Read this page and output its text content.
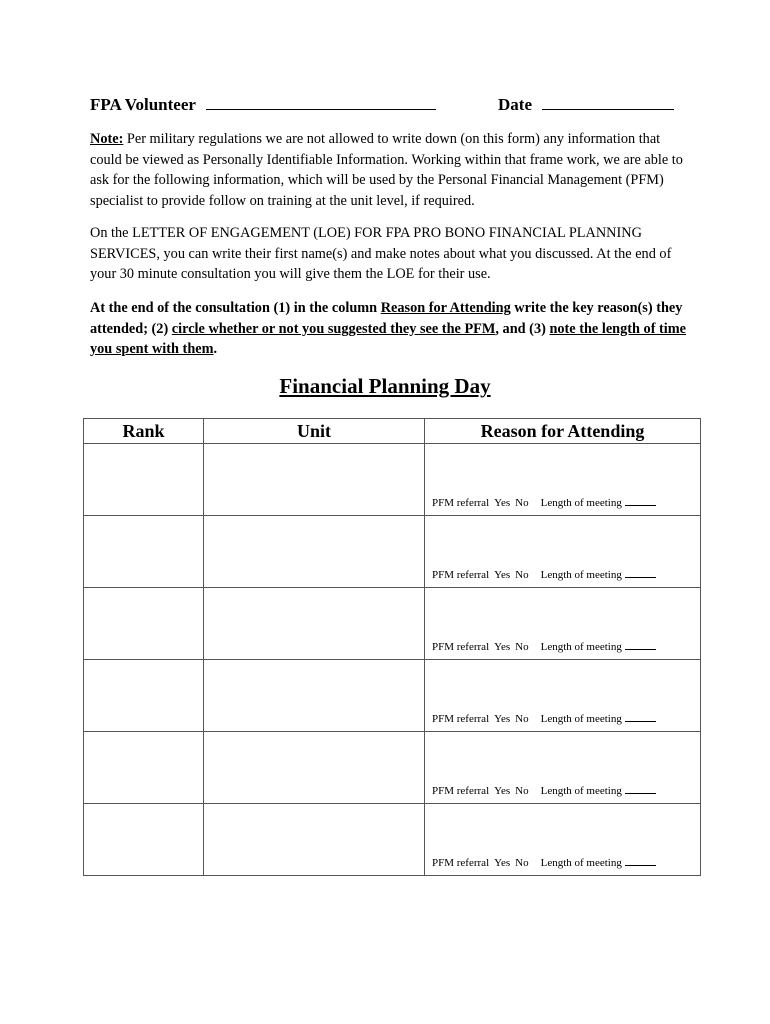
FPA Volunteer	Date
Note: Per military regulations we are not allowed to write down (on this form) any information that could be viewed as Personally Identifiable Information. Working within that frame work, we are able to ask for the following information, which will be used by the Personal Financial Management (PFM) specialist to provide follow on training at the unit level, if required.
On the LETTER OF ENGAGEMENT (LOE) FOR FPA PRO BONO FINANCIAL PLANNING SERVICES, you can write their first name(s) and make notes about what you discussed. At the end of your 30 minute consultation you will give them the LOE for their use.
At the end of the consultation (1) in the column Reason for Attending write the key reason(s) they attended; (2) circle whether or not you suggested they see the PFM, and (3) note the length of time you spent with them.
Financial Planning Day
Rank	Unit	Reason for Attending

		PFM referral Yes No Length of meeting

		PFM referral Yes No Length of meeting

		PFM referral Yes No Length of meeting

		PFM referral Yes No Length of meeting

		PFM referral Yes No Length of meeting

		PFM referral Yes No Length of meeting
